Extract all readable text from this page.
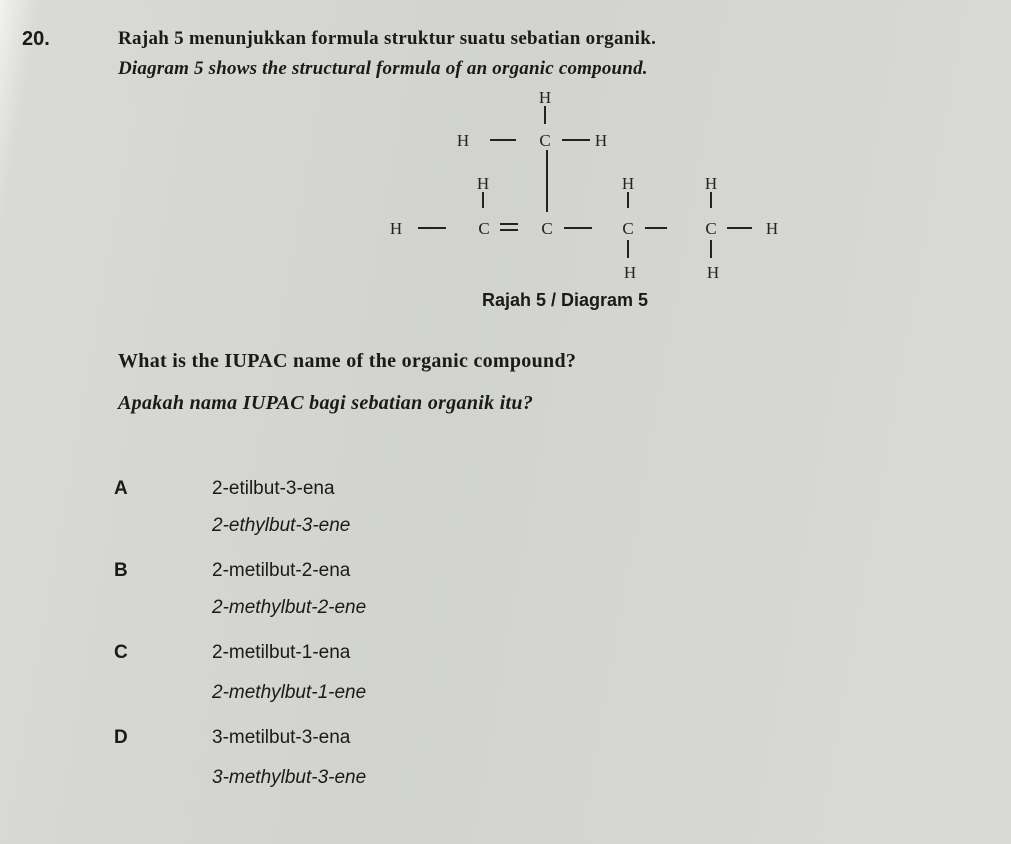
20.	Rajah 5 menunjukkan formula struktur suatu sebatian organik.
Diagram 5 shows the structural formula of an organic compound.
H
H	C	H
H
H	C	C	C	C	H
H	H
H	H
Rajah 5 / Diagram 5
What is the IUPAC name of the organic compound?
Apakah nama IUPAC bagi sebatian organik itu?
A	2-etilbut-3-ena
2-ethylbut-3-ene
B	2-metilbut-2-ena
2-methylbut-2-ene
C	2-metilbut-1-ena
2-methylbut-1-ene
D	3-metilbut-3-ena
3-methylbut-3-ene
